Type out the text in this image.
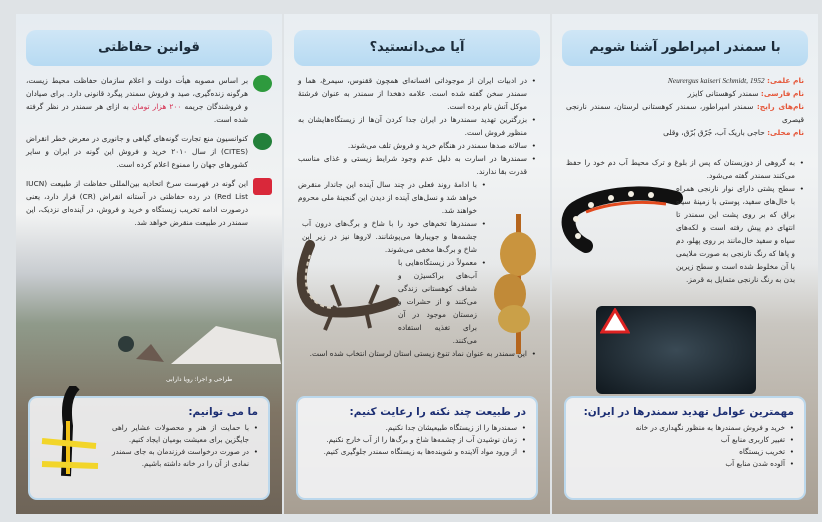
قوانین حفاظتی
بر اساس مصوبه هیأت دولت و اعلام سازمان حفاظت محیط زیست، هرگونه زنده‌گیری، صید و فروش سمندر پیگرد قانونی دارد. برای صیادان و فروشندگان جریمه ۲۰۰ هزار تومان به ازای هر سمندر در نظر گرفته شده است.
کنوانسیون منع تجارت گونه‌های گیاهی و جانوری در معرض خطر انقراض (CITES) از سال ۲۰۱۰ خرید و فروش این گونه در ایران و سایر کشورهای جهان را ممنوع اعلام کرده است.
این گونه در فهرست سرخ اتحادیه بین‌المللی حفاظت از طبیعت (IUCN Red List) در رده حفاظتی در آستانه انقراض (CR) قرار دارد، یعنی درصورت ادامه تخریب زیستگاه و خرید و فروش، در آینده‌ای نزدیک، این سمندر در طبیعت منقرض خواهد شد.
طراحی و اجرا: رویا دارابی
ما می توانیم:
• با حمایت از هنر و محصولات عشایر راهی جایگزین برای معیشت بومیان ایجاد کنیم.
• در صورت درخواست فرزندمان به جای سمندر نمادی از آن را در خانه داشته باشیم.
آیا می‌دانستید؟
• در ادبیات ایران از موجوداتی افسانه‌ای همچون ققنوس، سیمرغ، هما و سمندر سخن گفته شده است. علامه دهخدا از سمندر به عنوان فرشتهٔ موکل آتش نام برده است.
• بزرگترین تهدید سمندرها در ایران جدا کردن آن‌ها از زیستگاه‌هایشان به منظور فروش است.
• سالانه صدها سمندر در هنگام خرید و فروش تلف می‌شوند.
• سمندرها در اسارت به دلیل عدم وجود شرایط زیستی و غذای مناسب قدرت بقا ندارند.
• با ادامهٔ روند فعلی در چند سال آینده این جاندار منقرض خواهد شد و نسل‌های آینده از دیدن این گنجینهٔ ملی محروم خواهند شد.
• سمندرها تخم‌های خود را با شاخ و برگ‌های درون آب چشمه‌ها و جویبارها می‌پوشانند. لاروها نیز در زیر این شاخ و برگ‌ها مخفی می‌شوند.
• معمولاً در زیستگاه‌هایی با آب‌های براکسیژن و شفاف کوهستانی زندگی می‌کنند و از حشرات و زمستان موجود در آن برای تغذیه استفاده می‌کنند.
• این سمندر به عنوان نماد تنوع زیستی استان لرستان انتخاب شده است.
در طبیعت چند نکته را رعایت کنیم:
• سمندرها را از زیستگاه طبیعیشان جدا نکنیم.
• زمان نوشیدن آب از چشمه‌ها شاخ و برگ‌ها را از آب خارج نکنیم.
• از ورود مواد آلاینده و شوینده‌ها به زیستگاه سمندر جلوگیری کنیم.
با سمندر امپراطور آشنا شویم
نام علمی: Neurergus kaiseri Schmidt, 1952
نام فارسی: سمندر کوهستانی کایزر
نام‌های رایج: سمندر امپراطور، سمندر کوهستانی لرستان، سمندر نارنجی قیصری
نام محلی: حاجی باریک آب، جُرّق بُرّق، وقلی
• به گروهی از دوزیستان که پس از بلوغ و ترک محیط آب دم خود را حفظ می‌کنند سمندر گفته می‌شود.
• سطح پشتی دارای نوار نارنجی همراه با خال‌های سفید، پوستی با زمینهٔ سیاه براق که بر روی پشت این سمندر تا انتهای دم پیش رفته است و لکه‌های سیاه و سفید خال‌مانند بر روی پهلو، دم و پاها که رنگ نارنجی به صورت ملایمی با آن مخلوط شده است و سطح زیرین بدن به رنگ نارنجی متمایل به قرمز.
مهمترین عوامل تهدید سمندرها در ایران:
• خرید و فروش سمندرها به منظور نگهداری در خانه
• تغییر کاربری منابع آب
• تخریب زیستگاه
• آلوده شدن منابع آب
